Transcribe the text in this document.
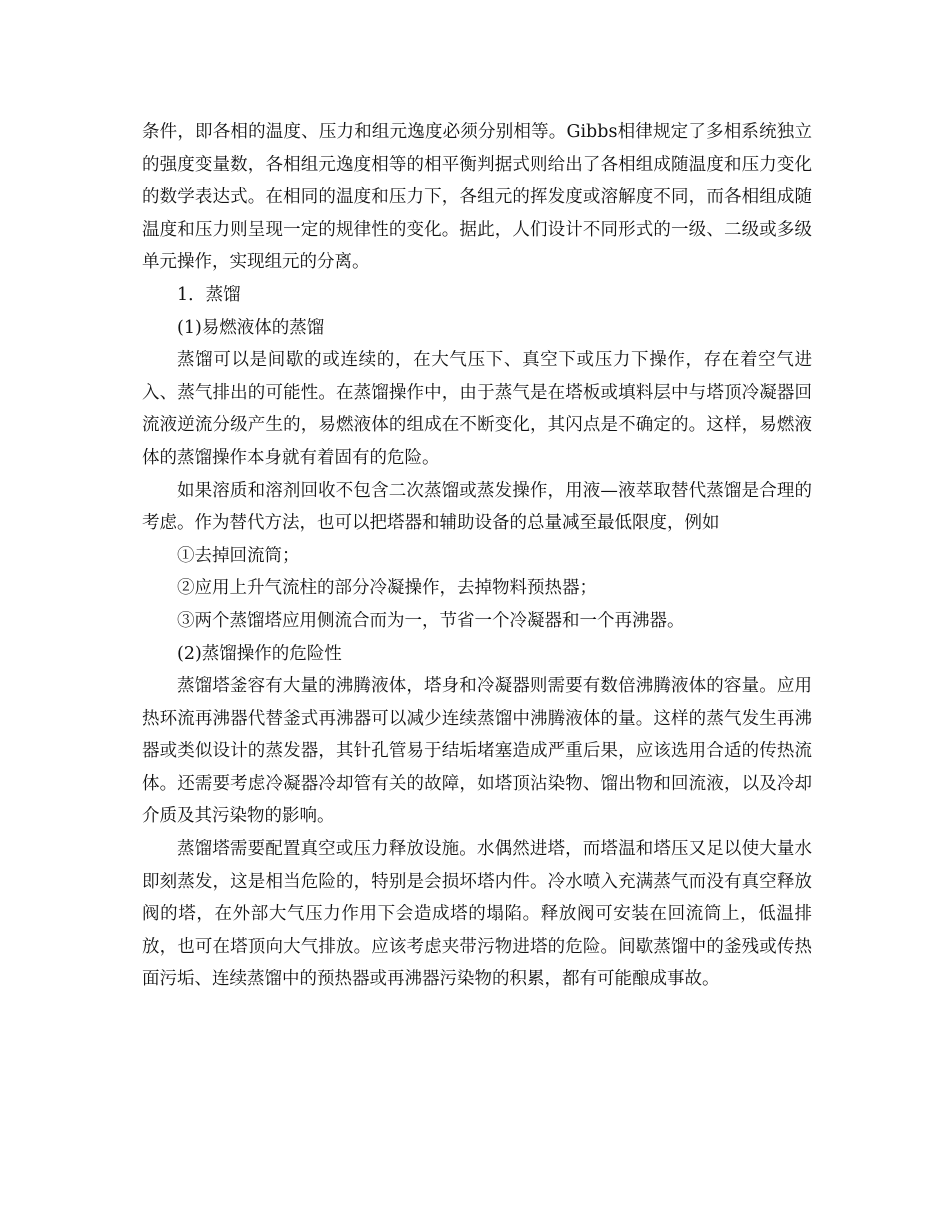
条件，即各相的温度、压力和组元逸度必须分别相等。Gibbs相律规定了多相系统独立的强度变量数，各相组元逸度相等的相平衡判据式则给出了各相组成随温度和压力变化的数学表达式。在相同的温度和压力下，各组元的挥发度或溶解度不同，而各相组成随温度和压力则呈现一定的规律性的变化。据此，人们设计不同形式的一级、二级或多级单元操作，实现组元的分离。

1．蒸馏

(1)易燃液体的蒸馏

蒸馏可以是间歇的或连续的，在大气压下、真空下或压力下操作，存在着空气进入、蒸气排出的可能性。在蒸馏操作中，由于蒸气是在塔板或填料层中与塔顶冷凝器回流液逆流分级产生的，易燃液体的组成在不断变化，其闪点是不确定的。这样，易燃液体的蒸馏操作本身就有着固有的危险。

如果溶质和溶剂回收不包含二次蒸馏或蒸发操作，用液—液萃取替代蒸馏是合理的考虑。作为替代方法，也可以把塔器和辅助设备的总量减至最低限度，例如

①去掉回流筒；

②应用上升气流柱的部分冷凝操作，去掉物料预热器；

③两个蒸馏塔应用侧流合而为一，节省一个冷凝器和一个再沸器。

(2)蒸馏操作的危险性

蒸馏塔釜容有大量的沸腾液体，塔身和冷凝器则需要有数倍沸腾液体的容量。应用热环流再沸器代替釜式再沸器可以减少连续蒸馏中沸腾液体的量。这样的蒸气发生再沸器或类似设计的蒸发器，其针孔管易于结垢堵塞造成严重后果，应该选用合适的传热流体。还需要考虑冷凝器冷却管有关的故障，如塔顶沾染物、馏出物和回流液，以及冷却介质及其污染物的影响。

蒸馏塔需要配置真空或压力释放设施。水偶然进塔，而塔温和塔压又足以使大量水即刻蒸发，这是相当危险的，特别是会损坏塔内件。冷水喷入充满蒸气而没有真空释放阀的塔，在外部大气压力作用下会造成塔的塌陷。释放阀可安装在回流筒上，低温排放，也可在塔顶向大气排放。应该考虑夹带污物进塔的危险。间歇蒸馏中的釜残或传热面污垢、连续蒸馏中的预热器或再沸器污染物的积累，都有可能酿成事故。
